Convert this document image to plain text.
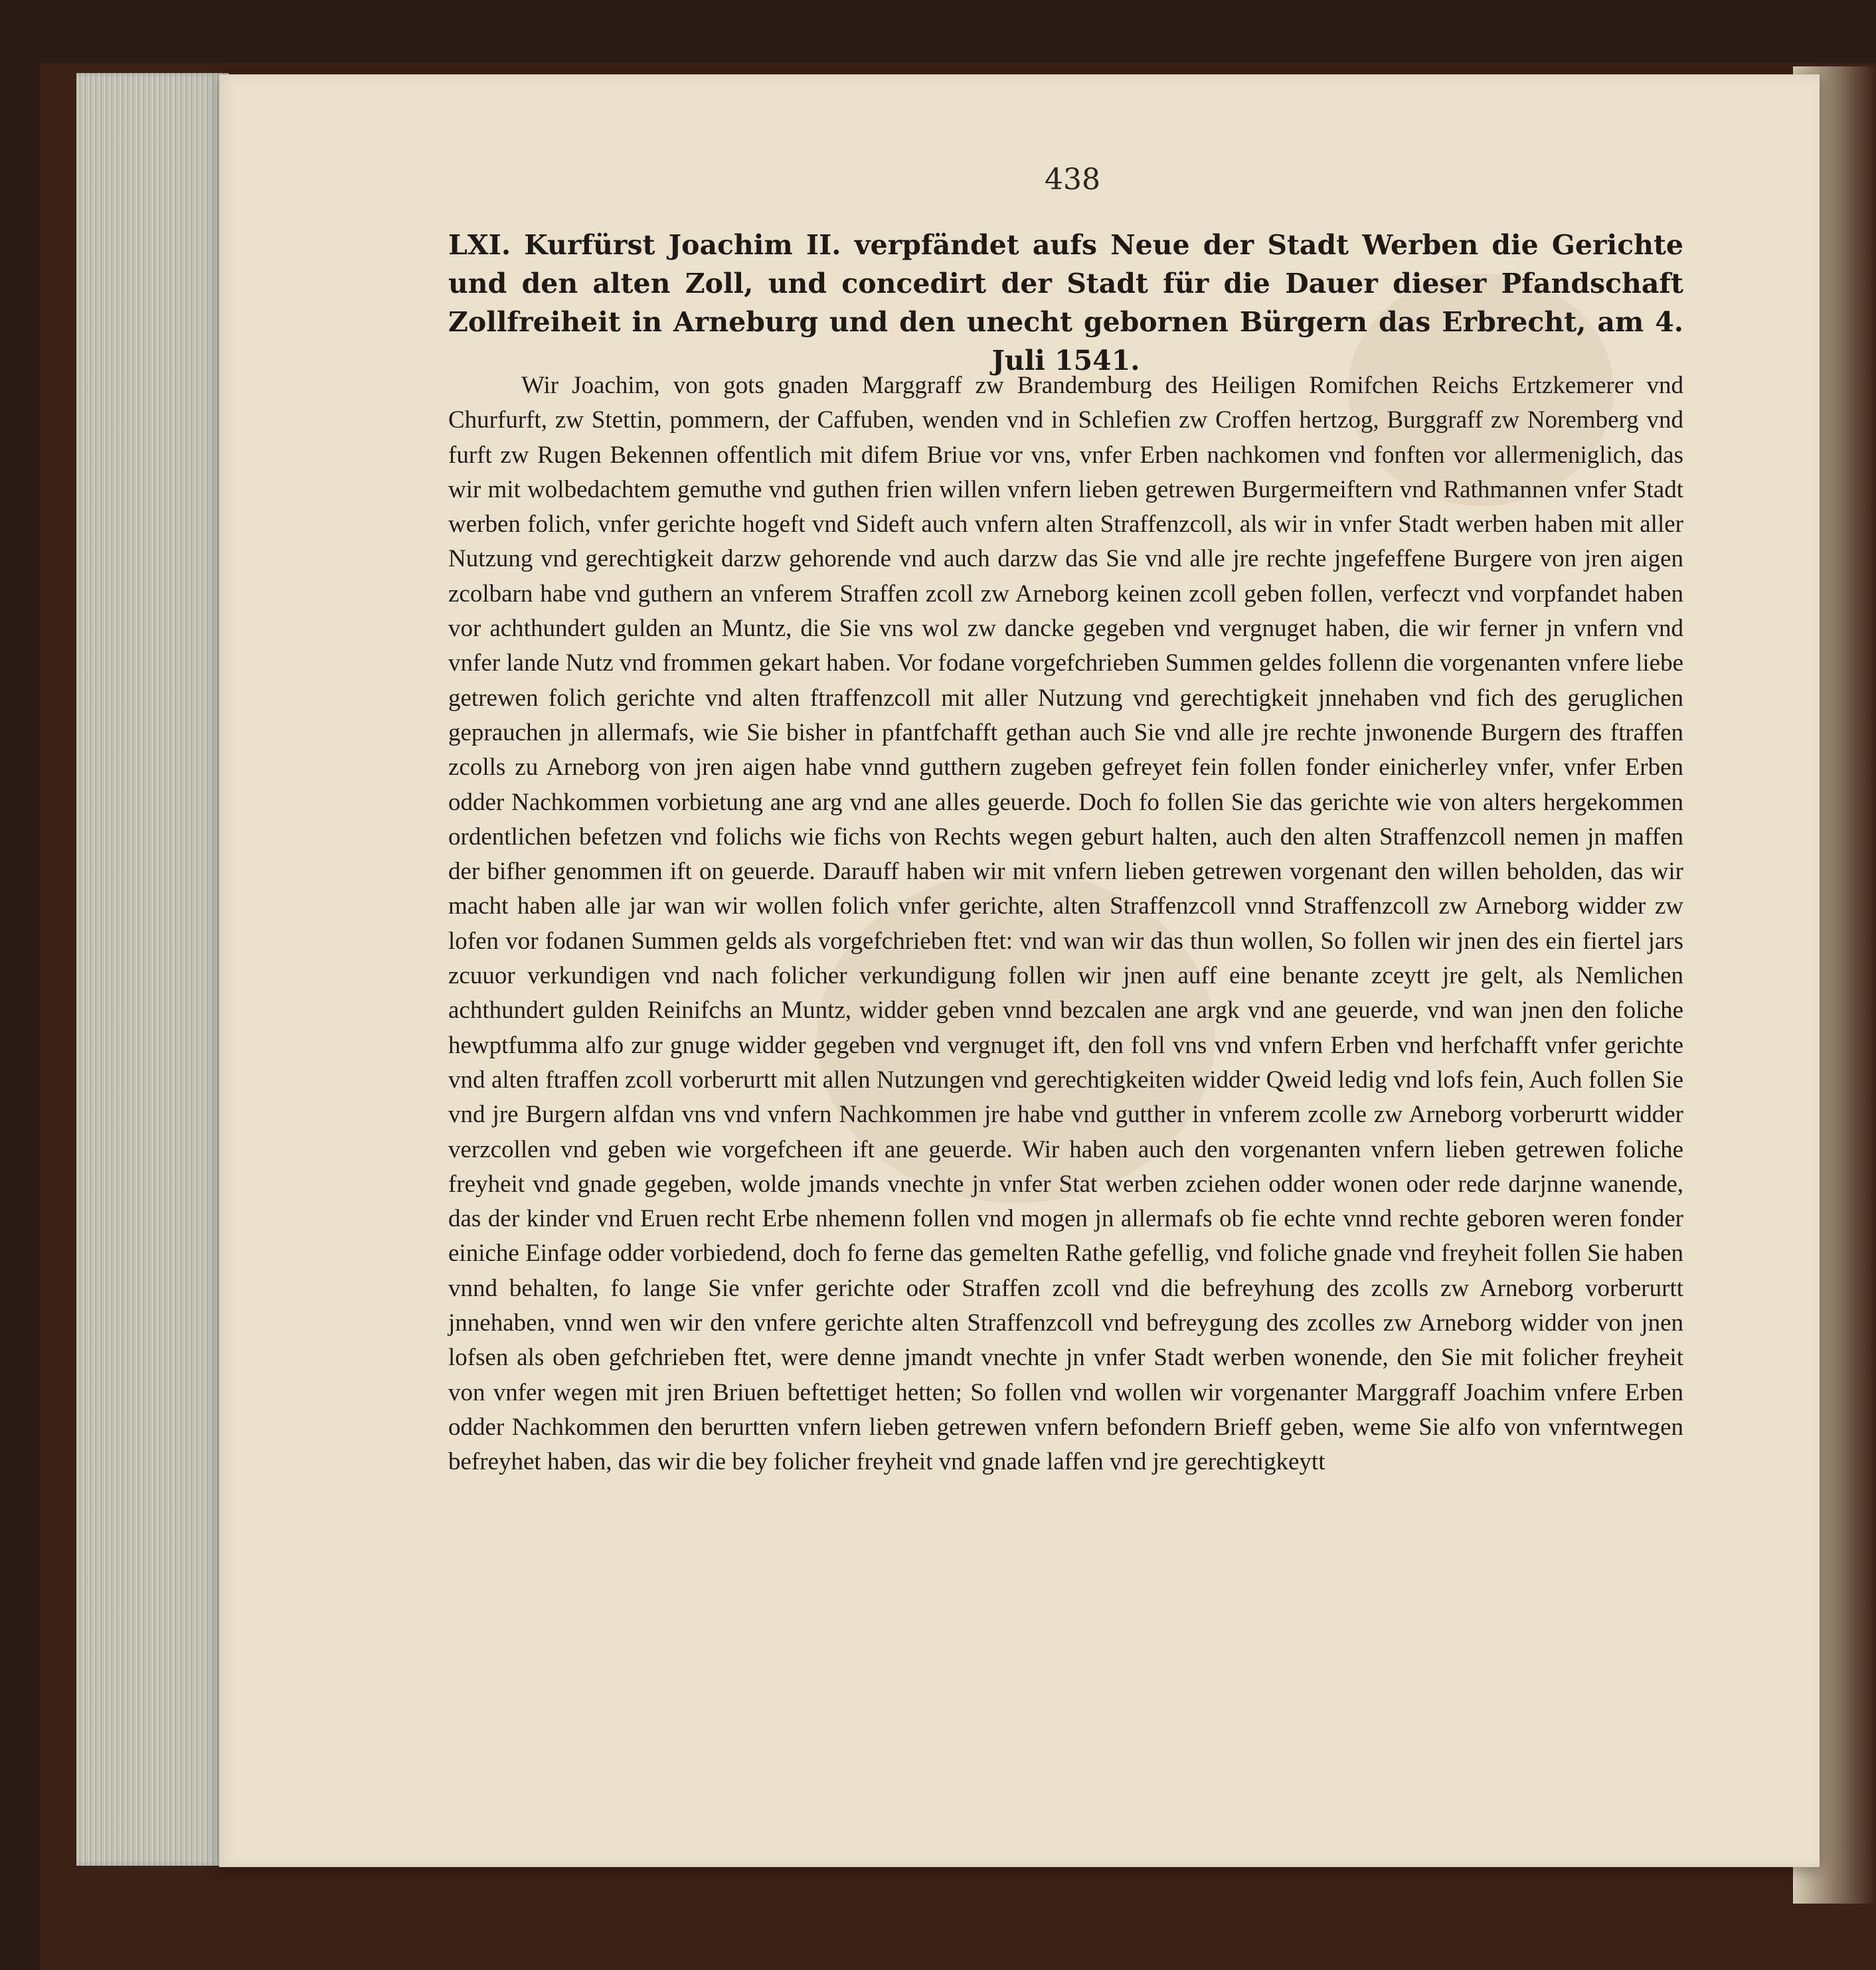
438
LXI. Kurfürst Joachim II. verpfändet aufs Neue der Stadt Werben die Gerichte und den alten Zoll, und concedirt der Stadt für die Dauer dieser Pfandschaft Zollfreiheit in Arneburg und den unecht gebornen Bürgern das Erbrecht, am 4. Juli 1541.
Wir Joachim, von gots gnaden Marggraff zw Brandemburg des Heiligen Romifchen Reichs Ertzkemerer vnd Churfurft, zw Stettin, pommern, der Caffuben, wenden vnd in Schlefien zw Croffen hertzog, Burggraff zw Noremberg vnd furft zw Rugen Bekennen offentlich mit difem Briue vor vns, vnfer Erben nachkomen vnd fonften vor allermeniglich, das wir mit wolbedachtem gemuthe vnd guthen frien willen vnfern lieben getrewen Burgermeiftern vnd Rathmannen vnfer Stadt werben folich, vnfer gerichte hogeft vnd Sideft auch vnfern alten Straffenzcoll, als wir in vnfer Stadt werben haben mit aller Nutzung vnd gerechtigkeit darzw gehorende vnd auch darzw das Sie vnd alle jre rechte jngefeffene Burgere von jren aigen zcolbarn habe vnd guthern an vnferem Straffen zcoll zw Arneborg keinen zcoll geben follen, verfeczt vnd vorpfandet haben vor achthundert gulden an Muntz, die Sie vns wol zw dancke gegeben vnd vergnuget haben, die wir ferner jn vnfern vnd vnfer lande Nutz vnd frommen gekart haben. Vor fodane vorgefchrieben Summen geldes follenn die vorgenanten vnfere liebe getrewen folich gerichte vnd alten ftraffenzcoll mit aller Nutzung vnd gerechtigkeit jnnehaben vnd fich des geruglichen geprauchen jn allermafs, wie Sie bisher in pfantfchafft gethan auch Sie vnd alle jre rechte jnwonende Burgern des ftraffen zcolls zu Arneborg von jren aigen habe vnnd gutthern zugeben gefreyet fein follen fonder einicherley vnfer, vnfer Erben odder Nachkommen vorbietung ane arg vnd ane alles geuerde. Doch fo follen Sie das gerichte wie von alters hergekommen ordentlichen befetzen vnd folichs wie fichs von Rechts wegen geburt halten, auch den alten Straffenzcoll nemen jn maffen der bifher genommen ift on geuerde. Darauff haben wir mit vnfern lieben getrewen vorgenant den willen beholden, das wir macht haben alle jar wan wir wollen folich vnfer gerichte, alten Straffenzcoll vnnd Straffenzcoll zw Arneborg widder zw lofen vor fodanen Summen gelds als vorgefchrieben ftet: vnd wan wir das thun wollen, So follen wir jnen des ein fiertel jars zcuuor verkundigen vnd nach folicher verkundigung follen wir jnen auff eine benante zceytt jre gelt, als Nemlichen achthundert gulden Reinifchs an Muntz, widder geben vnnd bezcalen ane argk vnd ane geuerde, vnd wan jnen den foliche hewptfumma alfo zur gnuge widder gegeben vnd vergnuget ift, den foll vns vnd vnfern Erben vnd herfchafft vnfer gerichte vnd alten ftraffen zcoll vorberurtt mit allen Nutzungen vnd gerechtigkeiten widder Qweid ledig vnd lofs fein, Auch follen Sie vnd jre Burgern alfdan vns vnd vnfern Nachkommen jre habe vnd gutther in vnferem zcolle zw Arneborg vorberurtt widder verzcollen vnd geben wie vorgefcheen ift ane geuerde. Wir haben auch den vorgenanten vnfern lieben getrewen foliche freyheit vnd gnade gegeben, wolde jmands vnechte jn vnfer Stat werben zciehen odder wonen oder rede darjnne wanende, das der kinder vnd Eruen recht Erbe nhemenn follen vnd mogen jn allermafs ob fie echte vnnd rechte geboren weren fonder einiche Einfage odder vorbiedend, doch fo ferne das gemelten Rathe gefellig, vnd foliche gnade vnd freyheit follen Sie haben vnnd behalten, fo lange Sie vnfer gerichte oder Straffen zcoll vnd die befreyhung des zcolls zw Arneborg vorberurtt jnnehaben, vnnd wen wir den vnfere gerichte alten Straffenzcoll vnd befreygung des zcolles zw Arneborg widder von jnen lofsen als oben gefchrieben ftet, were denne jmandt vnechte jn vnfer Stadt werben wonende, den Sie mit folicher freyheit von vnfer wegen mit jren Briuen beftettiget hetten; So follen vnd wollen wir vorgenanter Marggraff Joachim vnfere Erben odder Nachkommen den berurtten vnfern lieben getrewen vnfern befondern Brieff geben, weme Sie alfo von vnferntwegen befreyhet haben, das wir die bey folicher freyheit vnd gnade laffen vnd jre gerechtigkeytt
